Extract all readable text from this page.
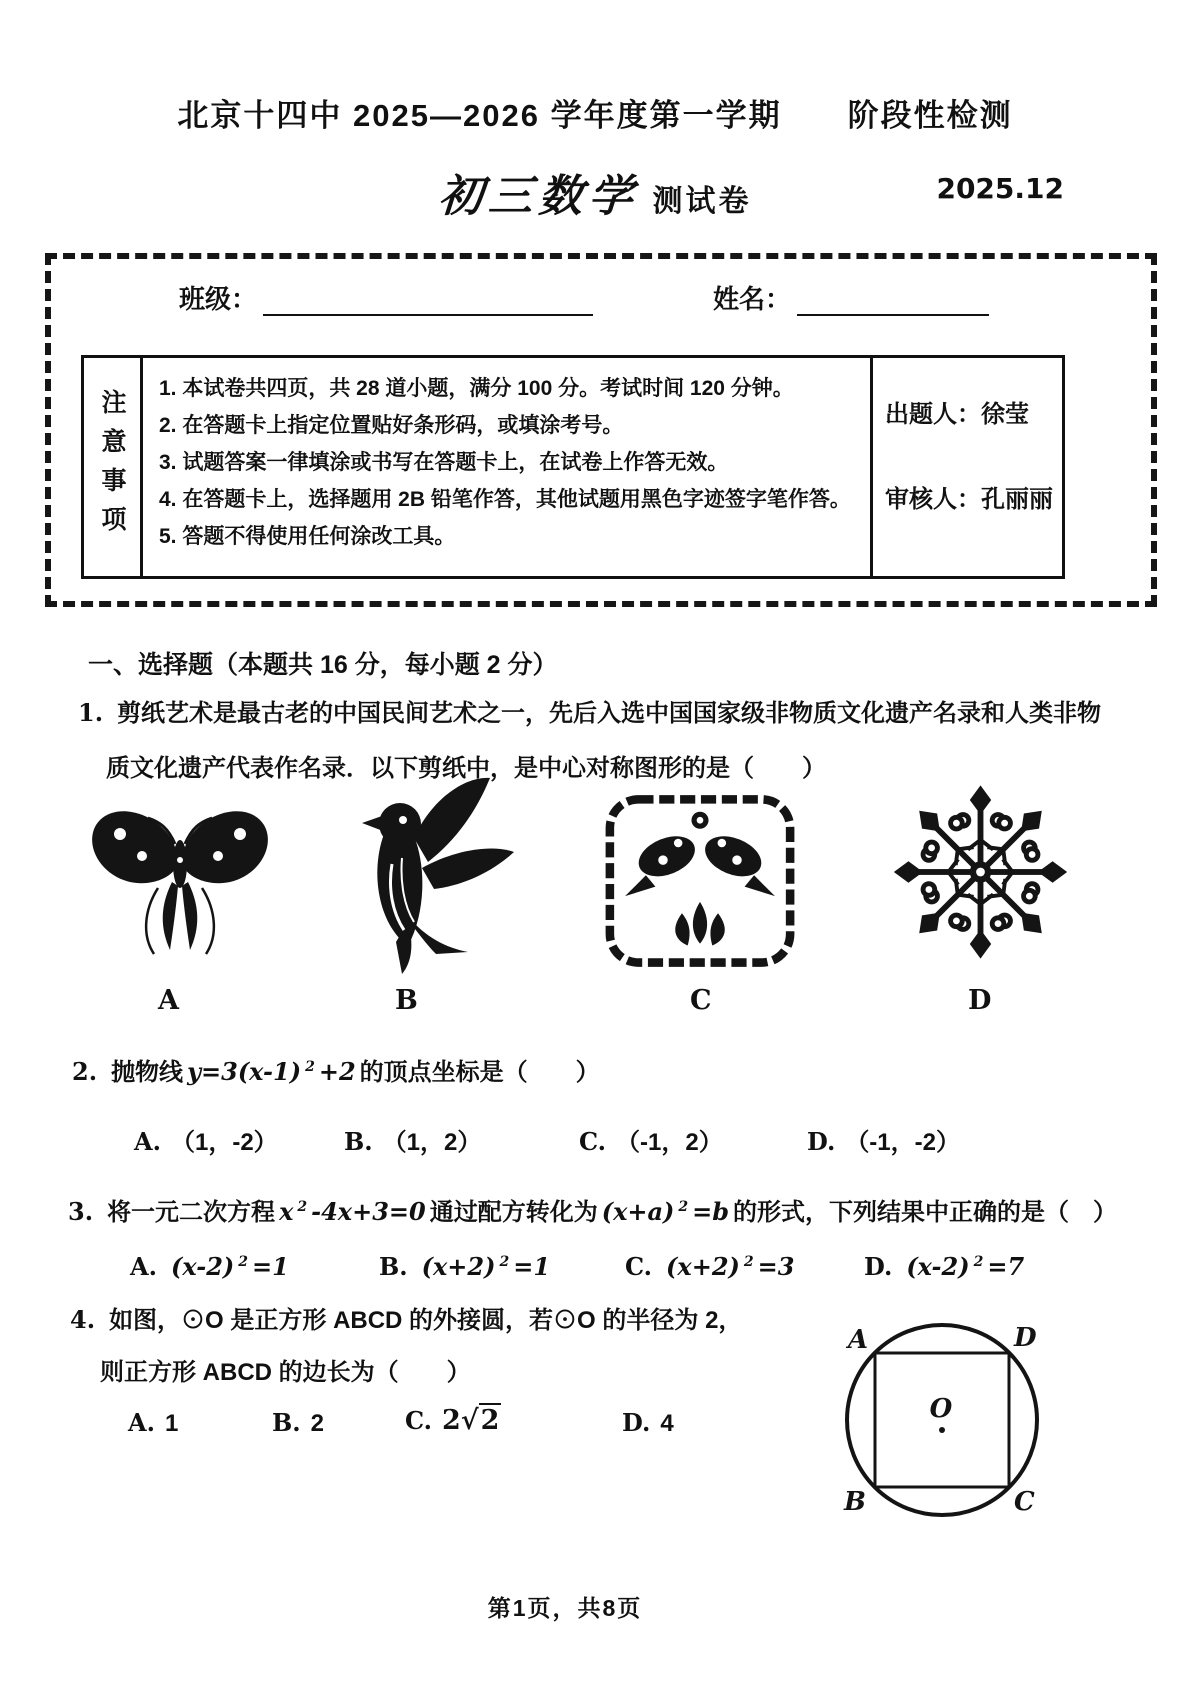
北京十四中 2025—2026 学年度第一学期　　阶段性检测
初三数学 测试卷	2025.12
班级：	姓名：
注意事项
1. 本试卷共四页，共 28 道小题，满分 100 分。考试时间 120 分钟。
2. 在答题卡上指定位置贴好条形码，或填涂考号。
3. 试题答案一律填涂或书写在答题卡上，在试卷上作答无效。
4. 在答题卡上，选择题用 2B 铅笔作答，其他试题用黑色字迹签字笔作答。
5. 答题不得使用任何涂改工具。
出题人：徐莹
审核人：孔丽丽
一、选择题（本题共 16 分，每小题 2 分）
1. 剪纸艺术是最古老的中国民间艺术之一，先后入选中国国家级非物质文化遗产名录和人类非物
质文化遗产代表作名录．以下剪纸中，是中心对称图形的是（　　）
A	B	C	D
2. 抛物线 y=3(x-1) $^2$ +2 的顶点坐标是（　　）
A. （1，-2）	B. （1，2）	C. （-1，2）	D. （-1，-2）
3. 将一元二次方程 x $^2$ -4x+3=0 通过配方转化为 (x+a) $^2$ =b 的形式，下列结果中正确的是（　）
A. (x-2) $^2$ =1	B. (x+2) $^2$ =1	C. (x+2) $^2$ =3	D. (x-2) $^2$ =7
4. 如图，⊙O 是正方形 ABCD 的外接圆，若⊙O 的半径为 2，
则正方形 ABCD 的边长为（　　）
A. 1	B. 2	C. 2√2	D. 4
A	D
B	C
O
第1页，共8页
